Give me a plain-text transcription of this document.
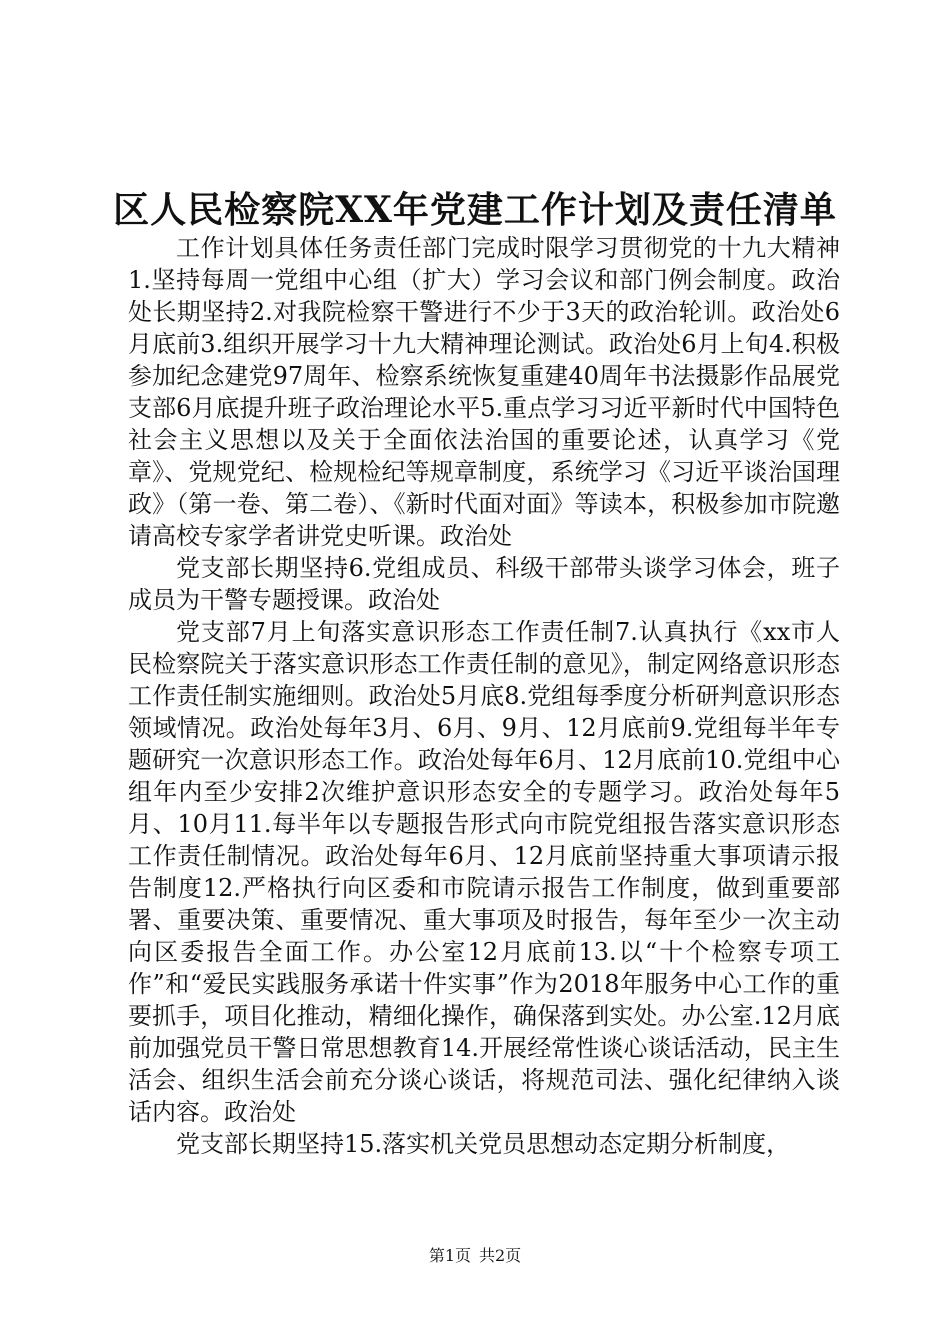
区人民检察院XX年党建工作计划及责任清单

工作计划具体任务责任部门完成时限学习贯彻党的十九大精神1.坚持每周一党组中心组（扩大）学习会议和部门例会制度。政治处长期坚持2.对我院检察干警进行不少于3天的政治轮训。政治处6月底前3.组织开展学习十九大精神理论测试。政治处6月上旬4.积极参加纪念建党97周年、检察系统恢复重建40周年书法摄影作品展党支部6月底提升班子政治理论水平5.重点学习习近平新时代中国特色社会主义思想以及关于全面依法治国的重要论述，认真学习《党章》、党规党纪、检规检纪等规章制度，系统学习《习近平谈治国理政》（第一卷、第二卷）、《新时代面对面》等读本，积极参加市院邀请高校专家学者讲党史听课。政治处

党支部长期坚持6.党组成员、科级干部带头谈学习体会，班子成员为干警专题授课。政治处

党支部7月上旬落实意识形态工作责任制7.认真执行《xx市人民检察院关于落实意识形态工作责任制的意见》，制定网络意识形态工作责任制实施细则。政治处5月底8.党组每季度分析研判意识形态领域情况。政治处每年3月、6月、9月、12月底前9.党组每半年专题研究一次意识形态工作。政治处每年6月、12月底前10.党组中心组年内至少安排2次维护意识形态安全的专题学习。政治处每年5月、10月11.每半年以专题报告形式向市院党组报告落实意识形态工作责任制情况。政治处每年6月、12月底前坚持重大事项请示报告制度12.严格执行向区委和市院请示报告工作制度，做到重要部署、重要决策、重要情况、重大事项及时报告，每年至少一次主动向区委报告全面工作。办公室12月底前13.以“十个检察专项工作”和“爱民实践服务承诺十件实事”作为2018年服务中心工作的重要抓手，项目化推动，精细化操作，确保落到实处。办公室.12月底前加强党员干警日常思想教育14.开展经常性谈心谈话活动，民主生活会、组织生活会前充分谈心谈话，将规范司法、强化纪律纳入谈话内容。政治处

党支部长期坚持15.落实机关党员思想动态定期分析制度，

第1页 共2页
